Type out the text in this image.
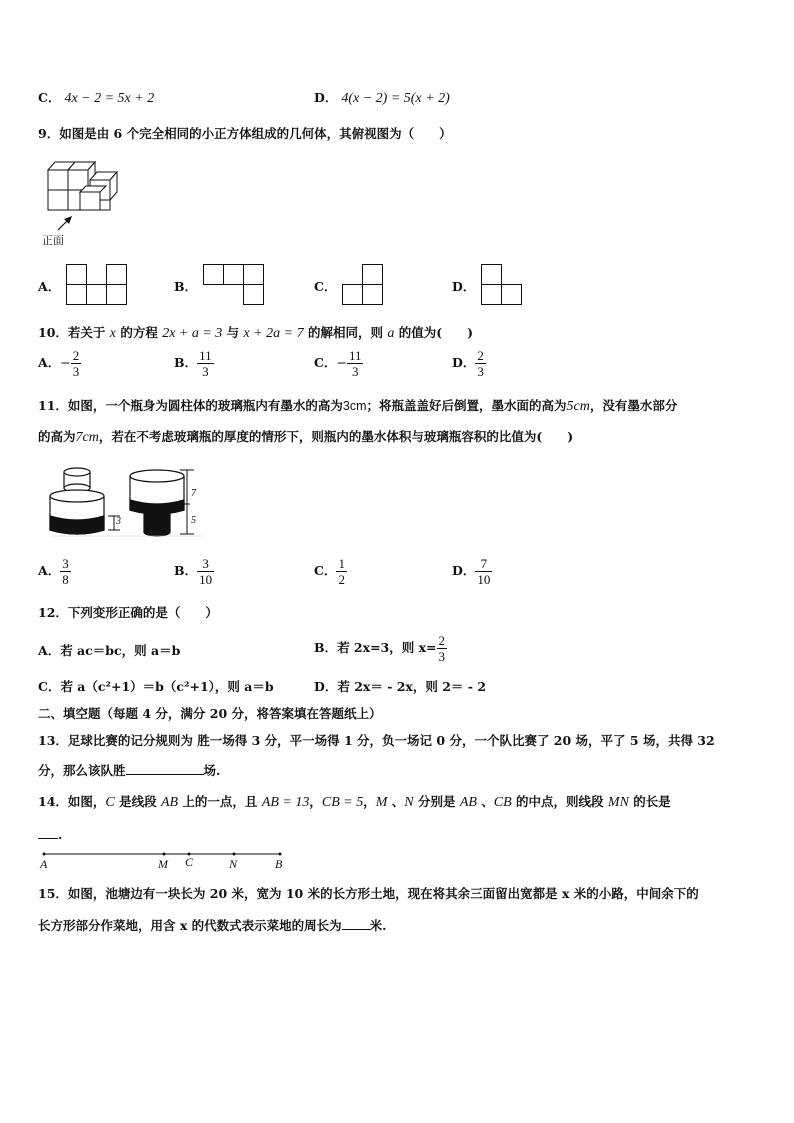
C． 4x − 2 = 5x + 2	D． 4(x − 2) = 5(x + 2)
9．如图是由 6 个完全相同的小正方体组成的几何体，其俯视图为（　　）
正面
A．	B．	C．	D．
10．若关于 x 的方程 2x + a = 3 与 x + 2a = 7 的解相同，则 a 的值为(　　)
A．− $\frac{2}{3}$	B． $\frac{11}{3}$	C．− $\frac{11}{3}$	D． $\frac{2}{3}$
11．如图，一个瓶身为圆柱体的玻璃瓶内有墨水的高为3cm；将瓶盖盖好后倒置，墨水面的高为5cm，没有墨水部分
的高为7cm，若在不考虑玻璃瓶的厚度的情形下，则瓶内的墨水体积与玻璃瓶容积的比值为(　　)
3
7
5
A． $\frac{3}{8}$	B． $\frac{3}{10}$	C． $\frac{1}{2}$	D． $\frac{7}{10}$
12．下列变形正确的是（　　）
A．若 ac＝bc，则 a＝b	B．若 2x=3，则 $x= \frac{2}{3}$
C．若 a（c²+1）＝b（c²+1），则 a＝b	D．若 2x＝ - 2x，则 2＝ - 2
二、填空题（每题 4 分，满分 20 分，将答案填在答题纸上）
13．足球比赛的记分规则为 胜一场得 3 分，平一场得 1 分，负一场记 0 分，一个队比赛了 20 场，平了 5 场，共得 32
分，那么该队胜	场.
14．如图，C 是线段 AB 上的一点，且 AB = 13，CB = 5，M 、N 分别是 AB 、CB 的中点，则线段 MN 的长是
.
A	M C	N	B
15．如图，池塘边有一块长为 20 米，宽为 10 米的长方形土地，现在将其余三面留出宽都是 x 米的小路，中间余下的
长方形部分作菜地，用含 x 的代数式表示菜地的周长为 米.
